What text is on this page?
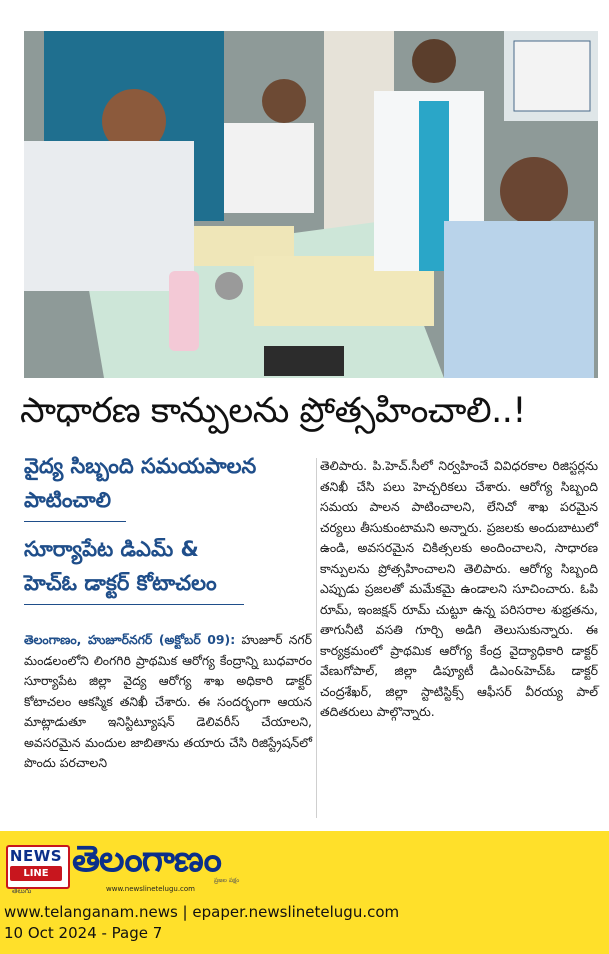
సాధారణ కాన్పులను ప్రోత్సహించాలి..!
వైద్య సిబ్బంది సమయపాలన
పాటించాలి
సూర్యాపేట డిఎమ్ &
హెచ్ఓ డాక్టర్ కోటాచలం
తెలంగాణం, హుజూర్‌నగర్ (అక్టోబర్ 09): హుజూర్ నగర్ మండలంలోని లింగగిరి ప్రాథమిక ఆరోగ్య కేంద్రాన్ని బుధవారం సూర్యాపేట జిల్లా వైద్య ఆరోగ్య శాఖ అధికారి డాక్టర్ కోటాచలం ఆకస్మిక తనిఖీ చేశారు. ఈ సందర్భంగా ఆయన మాట్లాడుతూ ఇనిస్టిట్యూషన్ డెలివరీస్ చేయాలని, అవసరమైన మందుల జాబితాను తయారు చేసి రిజిస్ట్రేషన్‌లో పొందు పరచాలని
తెలిపారు. పి.హెచ్.సీలో నిర్వహించే వివిధరకాల రిజిస్టర్లను తనిఖీ చేసి పలు హెచ్చరికలు చేశారు. ఆరోగ్య సిబ్బంది సమయ పాలన పాటించాలని, లేనిచో శాఖ పరమైన చర్యలు తీసుకుంటామని అన్నారు. ప్రజలకు అందుబాటులో ఉండి, అవసరమైన చికిత్సలకు అందించాలని, సాధారణ కాన్పులను ప్రోత్సహించాలని తెలిపారు. ఆరోగ్య సిబ్బంది ఎప్పుడు ప్రజలతో మమేకమై ఉండాలని సూచించారు. ఓపి రూమ్, ఇంజక్షన్ రూమ్ చుట్టూ ఉన్న పరిసరాల శుభ్రతను, తాగునీటి వసతి గూర్చి అడిగి తెలుసుకున్నారు. ఈ కార్యక్రమంలో ప్రాథమిక ఆరోగ్య కేంద్ర వైద్యాధికారి డాక్టర్ వేణుగోపాల్, జిల్లా డిప్యూటీ డిఎం&హెచ్ఓ డాక్టర్ చంద్రశేఖర్, జిల్లా స్టాటిస్టిక్స్ ఆఫీసర్ వీరయ్య పాల్ తదితరులు పాల్గొన్నారు.
NEWS
LINE
తెలుగు
తెలంగాణం
ప్రజల పక్షం
www.newslinetelugu.com
www.telanganam.news | epaper.newslinetelugu.com
10 Oct 2024 - Page 7
